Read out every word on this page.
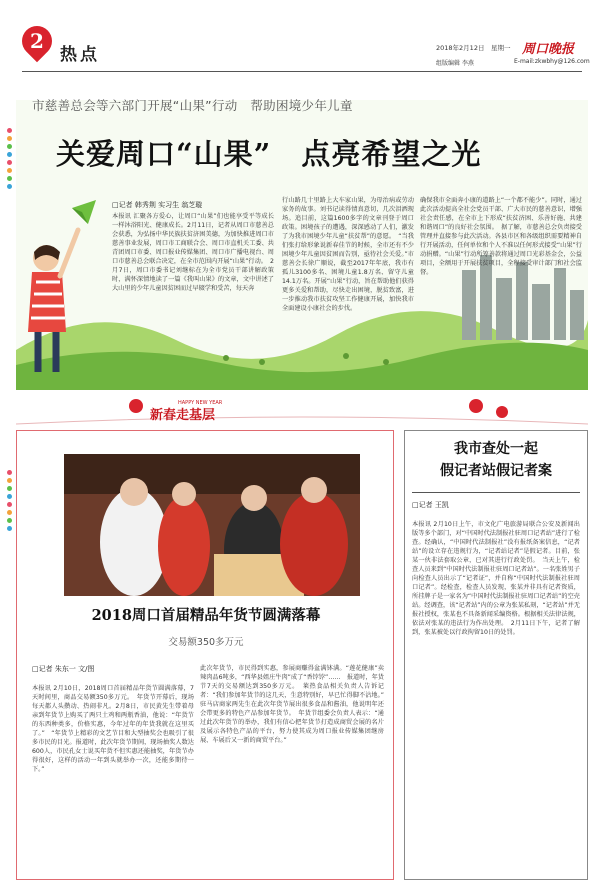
2
热点	2018年2月12日　星期一 周口晚报
组版编辑 李燕	E-mail:zkwbhy@126.com
市慈善总会等六部门开展“山果”行动　帮助困境少年儿童
关爱周口“山果”　点亮希望之光
□记者 韩秀荆 实习生 翁芝璇
本报讯 汇聚各方爱心，让周口“山果”们也能享受平等成长一样沐浴阳光、健康成长。2月11日，记者从周口市慈善总会获悉，为弘扬中华民族扶贫济困美德，为加快推进周口市慈善事业发展，周口市工商联合会、周口市直机关工委、共青团周口市委、周口报业传媒集团、周口市广播电视台、周口市慈善总会联合决定，在全市范围内开展“山果”行动。　2月7日，周口市委书记刘继标在为全市党员干部讲解政策时，满怀深情地读了一篇《我叫山果》的文章，文中讲述了大山里的少年儿童因贫困而过早辍学和受苦，每天奔
行山路几十里路上大车家山果，为母治病或劳动家务的故事。刘书记读得情真意切，几次泪洒现场。追目前，这篇1600多字的文章刊登于周口政策。困境孩子的遭遇，深深感动了人们，激发了为我市困境少年儿童“扶贫帮”的意愿。　“当我们张打给形象说新春佳节的时候，全市还有不少困境少年儿童因贫困而告别，亟待社会关爱。”市慈善会长徐广顺说，截至2017年年底，我市有孤儿3100多名、困境儿童1.8万名、留守儿童14.1万名。开展“山果”行动，旨在帮助他们获得更多关爱和帮助，尽快走出困境，脱贫致富，进一步推动我市扶贫攻坚工作健康开展，加快我市全面建设小康社会的步伐。
确保我市全面奔小康的道路上“一个都不能少”。同时，通过此次活动提高全社会党员干部、广大市民的慈善意识，增强社会责任感，在全市上下形成“扶贫济困、乐善好施、共建和谐周口”的良好社会氛围。　据了解，市慈善总会负责接受管理并直接参与此次活动。各县市区和各级组织需要精神自行开展活动，任何单位和个人不准以任何形式接受“山果”行动捐赠。“山果”行动所筹善款将通过周口光彩基金会，公益项目，全额用于开展扶贫项目，全程接受审计部门和社会监督。
HAPPY NEW YEAR
新春走基层
2018周口首届精品年货节圆满落幕
交易额350多万元
□记者 朱东一 文/图
本报讯 2月10日，2018周口首届精品年货节圆满落幕，7天时间里，商品交易额350多万元。　年货节开幕后，现场每天都人头攒动、热闹非凡。2月8日，市民黄先生带着母亲到年货节上购买了两只土鸡和两瓶香油，他说：“年货节的东西种类多，价格实惠，今年过年的年货我就在这里买了。”　“年货节上精彩的文艺节目和大型抽奖会也吸引了很多市民的目光。报道时，此次年货节期间，现场抽奖人数达600人，市民孔女士说买年货不但实惠还能抽奖，年货节办得很好，这样的活动一年到头就举办一次，还能多期待一下。”
此次年货节，市民得到实惠，参展商赚得盆满钵满。“莲花健康”卖辣肉品6吨多，“西华县姐庄牛肉”成了“香饽饽”……　报道时，年货节7天的交易额达到350多万元。　莱热食品相关负责人告诉记者：“我们参加年货节的这几天，生意特别好，早已忙得脚不沾地。”　驻马店商家两先生在此次年货节展出很多食品和酱油，他说明年还会带更多的特色产品参加年货节。　年货节组委会负责人表示：“通过此次年货节的举办，我们有信心把年货节打造成商贸会展的名片及展示各特色产品的平台，努力使其成为周口报业传媒集团继房展、车展后又一新的商贸平台。”
我市查处一起
假记者站假记者案
□记者 王凯
本报讯 2月10日上午，市文化广电旅游局联合公安及新闻出版等多个部门，对“中国时代法制报社驻周口记者站”进行了检查。经确认，“中国时代法制报社”没有报纸备案信息，“记者站”的设立存在违规行为，“记者站记者”是假记者。目前，张某一伙非法套取公章，已对其进行行政处罚。　当天上午，检查人员来到“中国时代法制报社驻周口记者站”。一名张姓男子向检查人员出示了“记者证”，并自称“中国时代法制报社驻周口记者”。经检查，检查人员发现，张某并非具有记者资质，所挂牌子是一家名为“中国时代法制报社驻周口记者站”的空壳站。经调查，该“记者站”内的公章为张某私刻，“记者站”并无报社授权，张某也不具备新闻采编资格。根据相关法律法规，依法对张某的违法行为作出处理。　2月11日下午，记者了解到，张某被处以行政拘留10日的处罚。
